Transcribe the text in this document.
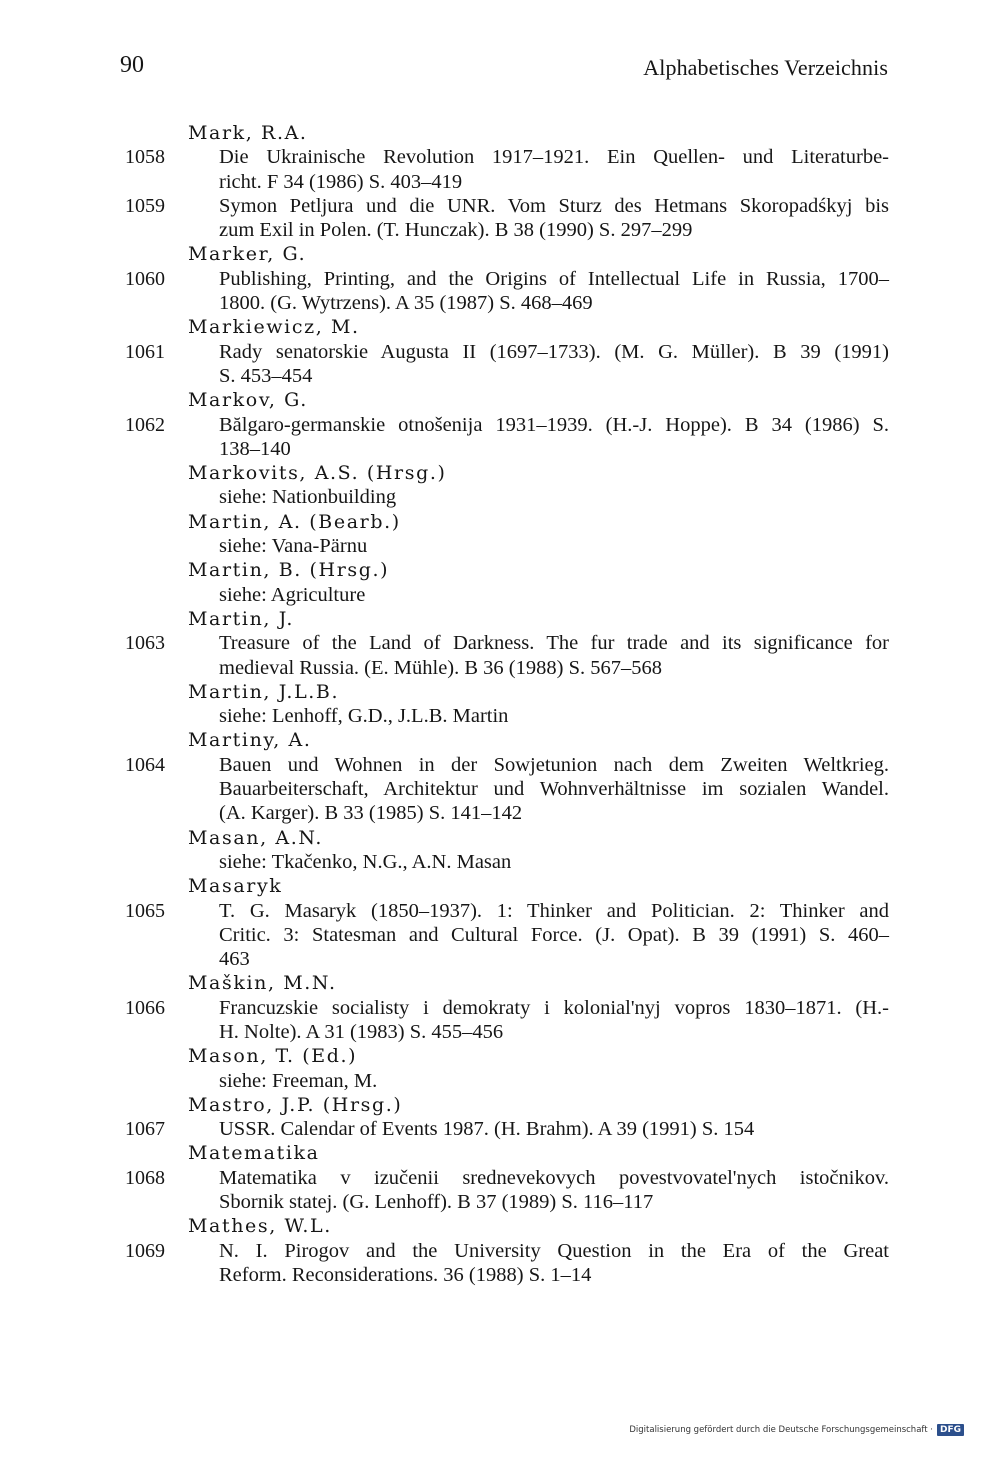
90	Alphabetisches Verzeichnis
Mark, R.A.
1058	Die Ukrainische Revolution 1917–1921. Ein Quellen- und Literaturbe-
richt. F 34 (1986) S. 403–419
1059	Symon Petljura und die UNR. Vom Sturz des Hetmans Skoropadśkyj bis
zum Exil in Polen. (T. Hunczak). B 38 (1990) S. 297–299
Marker, G.
1060	Publishing, Printing, and the Origins of Intellectual Life in Russia, 1700–
1800. (G. Wytrzens). A 35 (1987) S. 468–469
Markiewicz, M.
1061	Rady senatorskie Augusta II (1697–1733). (M. G. Müller). B 39 (1991)
S. 453–454
Markov, G.
1062	Bălgaro-germanskie otnošenija 1931–1939. (H.-J. Hoppe). B 34 (1986) S.
138–140
Markovits, A.S. (Hrsg.)
siehe: Nationbuilding
Martin, A. (Bearb.)
siehe: Vana-Pärnu
Martin, B. (Hrsg.)
siehe: Agriculture
Martin, J.
1063	Treasure of the Land of Darkness. The fur trade and its significance for
medieval Russia. (E. Mühle). B 36 (1988) S. 567–568
Martin, J.L.B.
siehe: Lenhoff, G.D., J.L.B. Martin
Martiny, A.
1064	Bauen und Wohnen in der Sowjetunion nach dem Zweiten Weltkrieg.
Bauarbeiterschaft, Architektur und Wohnverhältnisse im sozialen Wandel.
(A. Karger). B 33 (1985) S. 141–142
Masan, A.N.
siehe: Tkačenko, N.G., A.N. Masan
Masaryk
1065	T. G. Masaryk (1850–1937). 1: Thinker and Politician. 2: Thinker and
Critic. 3: Statesman and Cultural Force. (J. Opat). B 39 (1991) S. 460–
463
Maškin, M.N.
1066	Francuzskie socialisty i demokraty i kolonial'nyj vopros 1830–1871. (H.-
H. Nolte). A 31 (1983) S. 455–456
Mason, T. (Ed.)
siehe: Freeman, M.
Mastro, J.P. (Hrsg.)
1067	USSR. Calendar of Events 1987. (H. Brahm). A 39 (1991) S. 154
Matematika
1068	Matematika v izučenii srednevekovych povestvovatel'nych istočnikov.
Sbornik statej. (G. Lenhoff). B 37 (1989) S. 116–117
Mathes, W.L.
1069	N. I. Pirogov and the University Question in the Era of the Great
Reform. Reconsiderations. 36 (1988) S. 1–14
Digitalisierung gefördert durch die Deutsche Forschungsgemeinschaft · DFG
